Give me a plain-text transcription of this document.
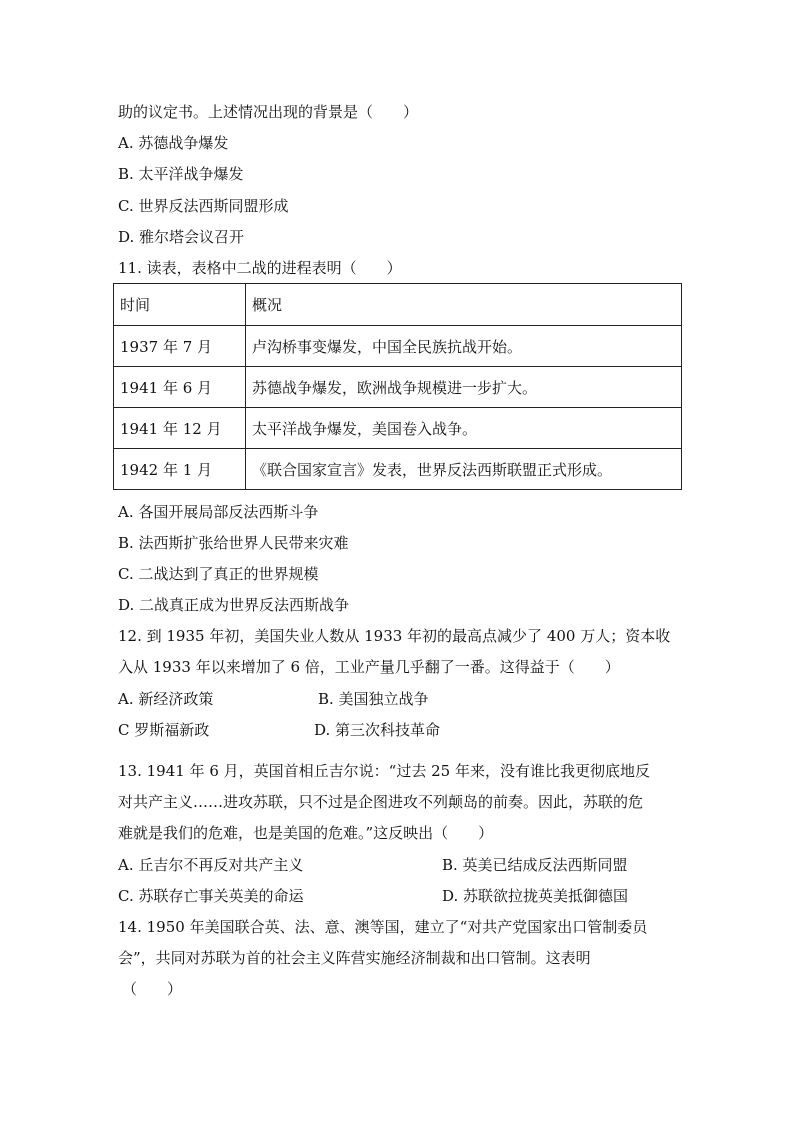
助的议定书。上述情况出现的背景是（　　）
A. 苏德战争爆发
B. 太平洋战争爆发
C. 世界反法西斯同盟形成
D. 雅尔塔会议召开
11. 读表，表格中二战的进程表明（　　）
时间	概况
1937 年 7 月	卢沟桥事变爆发，中国全民族抗战开始。
1941 年 6 月	苏德战争爆发，欧洲战争规模进一步扩大。
1941 年 12 月	太平洋战争爆发，美国卷入战争。
1942 年 1 月	《联合国家宣言》发表，世界反法西斯联盟正式形成。
A. 各国开展局部反法西斯斗争
B. 法西斯扩张给世界人民带来灾难
C. 二战达到了真正的世界规模
D. 二战真正成为世界反法西斯战争
12. 到 1935 年初，美国失业人数从 1933 年初的最高点减少了 400 万人；资本收
入从 1933 年以来增加了 6 倍，工业产量几乎翻了一番。这得益于（　　）
A. 新经济政策	B. 美国独立战争
C 罗斯福新政	D. 第三次科技革命
13. 1941 年 6 月，英国首相丘吉尔说：“过去 25 年来，没有谁比我更彻底地反
对共产主义……进攻苏联，只不过是企图进攻不列颠岛的前奏。因此，苏联的危
难就是我们的危难，也是美国的危难。”这反映出（　　）
A. 丘吉尔不再反对共产主义	B. 英美已结成反法西斯同盟
C. 苏联存亡事关英美的命运	D. 苏联欲拉拢英美抵御德国
14. 1950 年美国联合英、法、意、澳等国，建立了“对共产党国家出口管制委员
会”，共同对苏联为首的社会主义阵营实施经济制裁和出口管制。这表明
（　　）
